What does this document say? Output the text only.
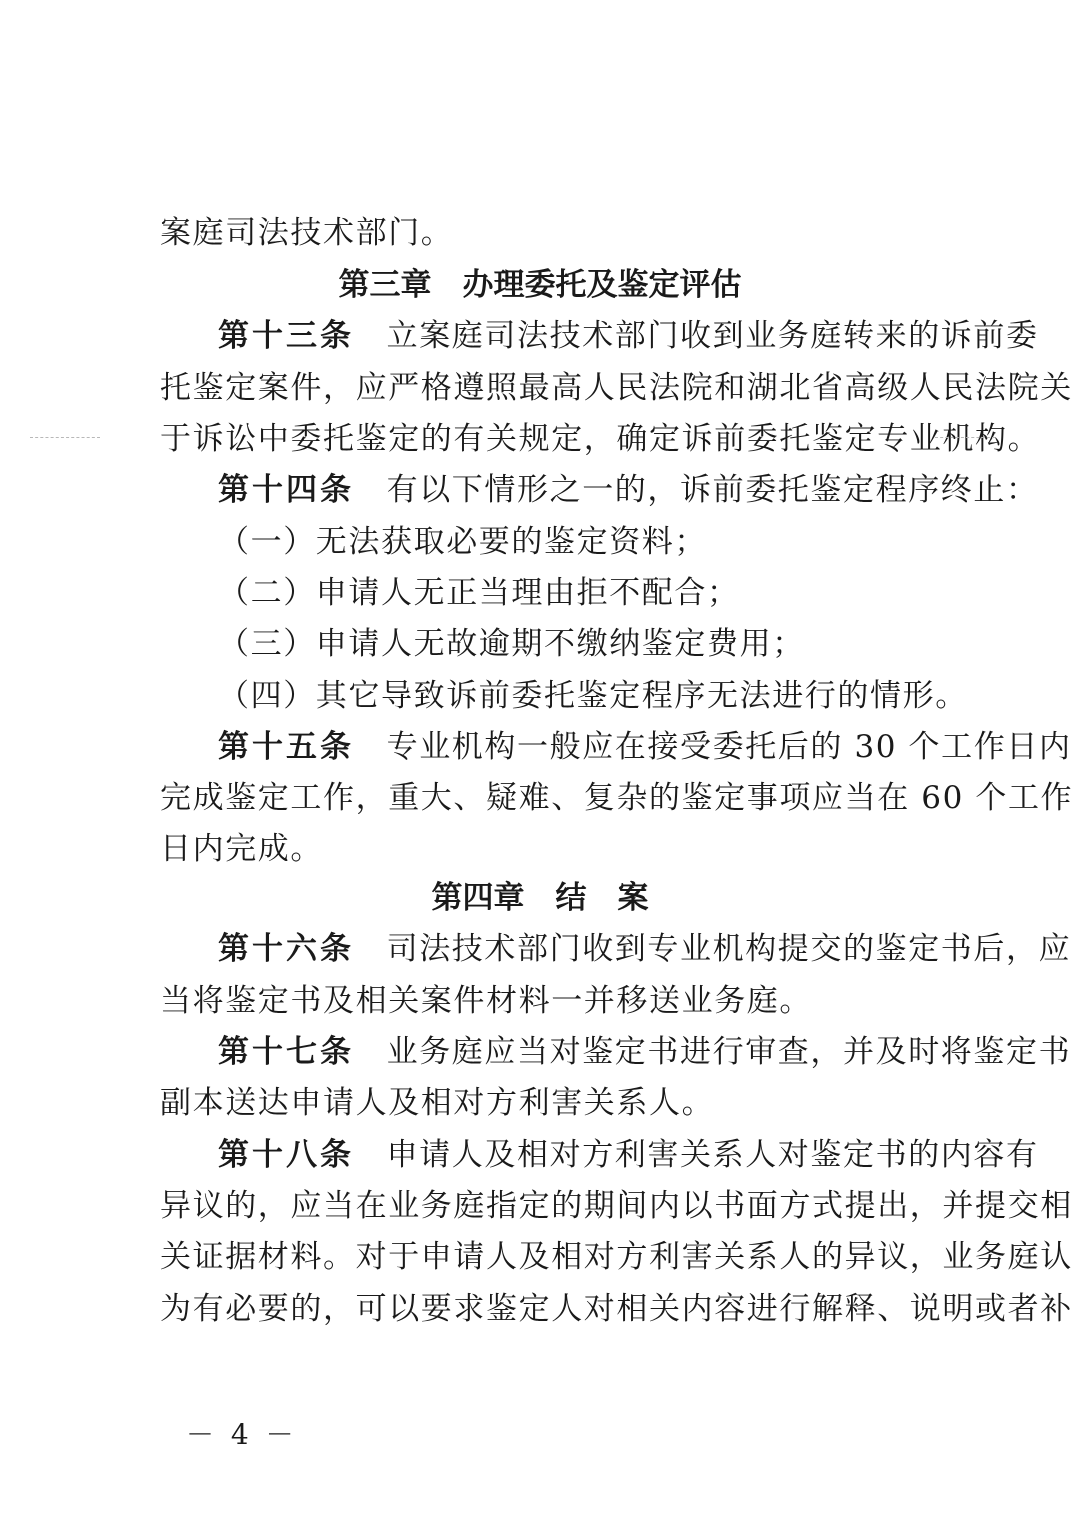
案庭司法技术部门。
第三章　办理委托及鉴定评估
第十三条　立案庭司法技术部门收到业务庭转来的诉前委
托鉴定案件，应严格遵照最高人民法院和湖北省高级人民法院关
于诉讼中委托鉴定的有关规定，确定诉前委托鉴定专业机构。
第十四条　有以下情形之一的，诉前委托鉴定程序终止：
（一）无法获取必要的鉴定资料；
（二）申请人无正当理由拒不配合；
（三）申请人无故逾期不缴纳鉴定费用；
（四）其它导致诉前委托鉴定程序无法进行的情形。
第十五条　专业机构一般应在接受委托后的 30 个工作日内
完成鉴定工作，重大、疑难、复杂的鉴定事项应当在 60 个工作
日内完成。
第四章　结　案
第十六条　司法技术部门收到专业机构提交的鉴定书后，应
当将鉴定书及相关案件材料一并移送业务庭。
第十七条　业务庭应当对鉴定书进行审查，并及时将鉴定书
副本送达申请人及相对方利害关系人。
第十八条　申请人及相对方利害关系人对鉴定书的内容有
异议的，应当在业务庭指定的期间内以书面方式提出，并提交相
关证据材料。对于申请人及相对方利害关系人的异议，业务庭认
为有必要的，可以要求鉴定人对相关内容进行解释、说明或者补
－ 4 －
